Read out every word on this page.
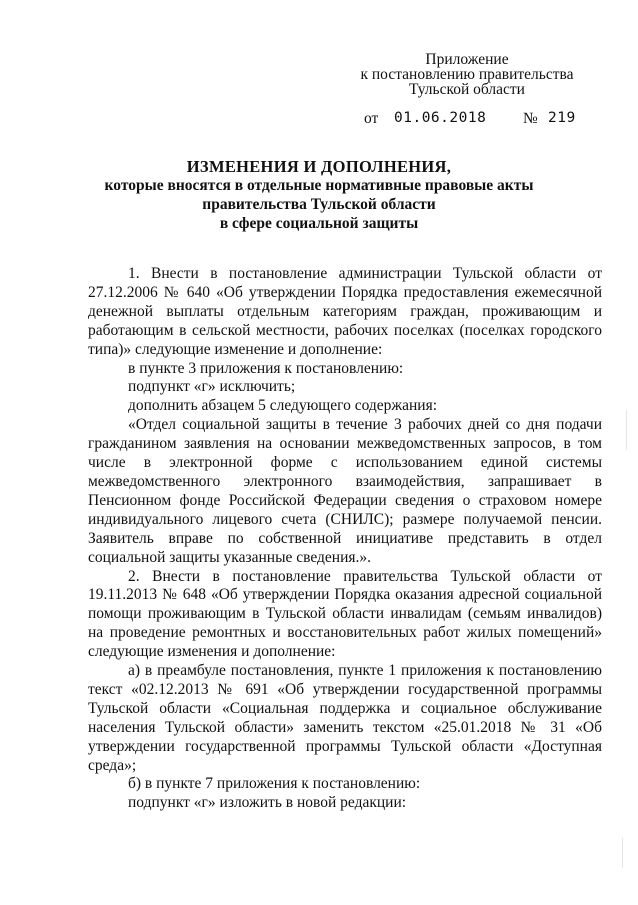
Приложение
к постановлению правительства
Тульской области
от 01.06.2018 № 219
ИЗМЕНЕНИЯ И ДОПОЛНЕНИЯ,
которые вносятся в отдельные нормативные правовые акты
правительства Тульской области
в сфере социальной защиты

1. Внести в постановление администрации Тульской области от 27.12.2006 № 640 «Об утверждении Порядка предоставления ежемесячной денежной выплаты отдельным категориям граждан, проживающим и работающим в сельской местности, рабочих поселках (поселках городского типа)» следующие изменение и дополнение:

в пункте 3 приложения к постановлению:

подпункт «г» исключить;

дополнить абзацем 5 следующего содержания:

«Отдел социальной защиты в течение 3 рабочих дней со дня подачи гражданином заявления на основании межведомственных запросов, в том числе в электронной форме с использованием единой системы межведомственного электронного взаимодействия, запрашивает в Пенсионном фонде Российской Федерации сведения о страховом номере индивидуального лицевого счета (СНИЛС); размере получаемой пенсии. Заявитель вправе по собственной инициативе представить в отдел социальной защиты указанные сведения.».

2. Внести в постановление правительства Тульской области от 19.11.2013 № 648 «Об утверждении Порядка оказания адресной социальной помощи проживающим в Тульской области инвалидам (семьям инвалидов) на проведение ремонтных и восстановительных работ жилых помещений» следующие изменения и дополнение:

а) в преамбуле постановления, пункте 1 приложения к постановлению текст «02.12.2013 № 691 «Об утверждении государственной программы Тульской области «Социальная поддержка и социальное обслуживание населения Тульской области» заменить текстом «25.01.2018 № 31 «Об утверждении государственной программы Тульской области «Доступная среда»;

б) в пункте 7 приложения к постановлению:

подпункт «г» изложить в новой редакции:
